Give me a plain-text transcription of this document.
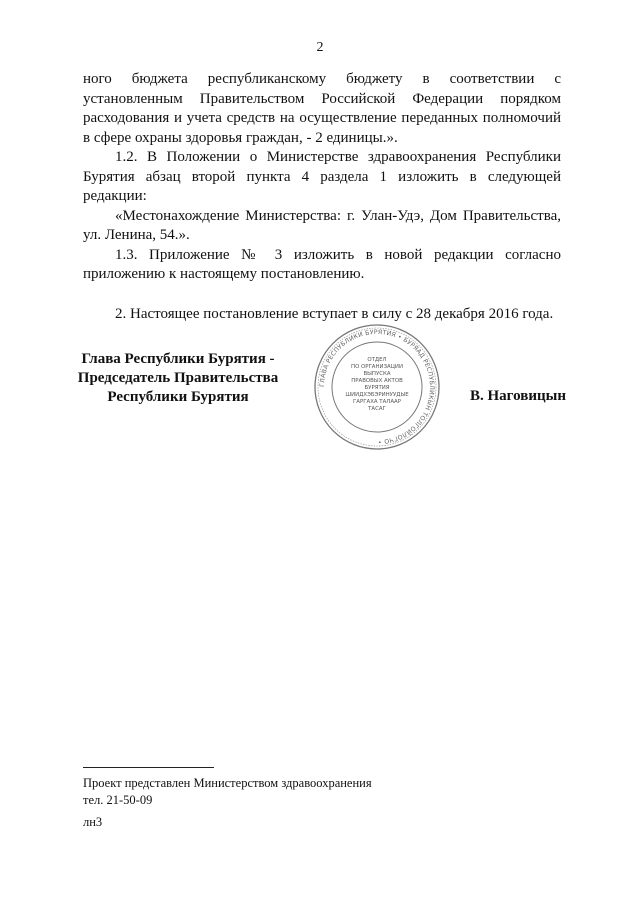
2

ного бюджета республиканскому бюджету в соответствии с установленным Правительством Российской Федерации порядком расходования и учета средств на осуществление переданных полномочий в сфере охраны здоровья граждан, - 2 единицы.».

1.2. В Положении о Министерстве здравоохранения Республики Бурятия абзац второй пункта 4 раздела 1 изложить в следующей редакции:

«Местонахождение Министерства: г. Улан-Удэ, Дом Правительства, ул. Ленина, 54.».

1.3. Приложение № 3 изложить в новой редакции согласно приложению к настоящему постановлению.

2. Настоящее постановление вступает в силу с 28 декабря 2016 года.

Глава Республики Бурятия -
Председатель Правительства
Республики Бурятия
ГЛАВА РЕСПУБЛИКИ БУРЯТИЯ • БУРЯАД РЕСПУБЛИКЫН ТОЛГОЙЛОГЧО •
ОТДЕЛ
ПО ОРГАНИЗАЦИИ
ВЫПУСКА
ПРАВОВЫХ АКТОВ
БУРЯТИЯ
ШИИДХЭБЭРИНУУДЫЕ
ГАРГАХА ТАЛААР
ТАСАГ
В. Наговицын
Проект представлен Министерством здравоохранения
тел. 21-50-09
лн3
